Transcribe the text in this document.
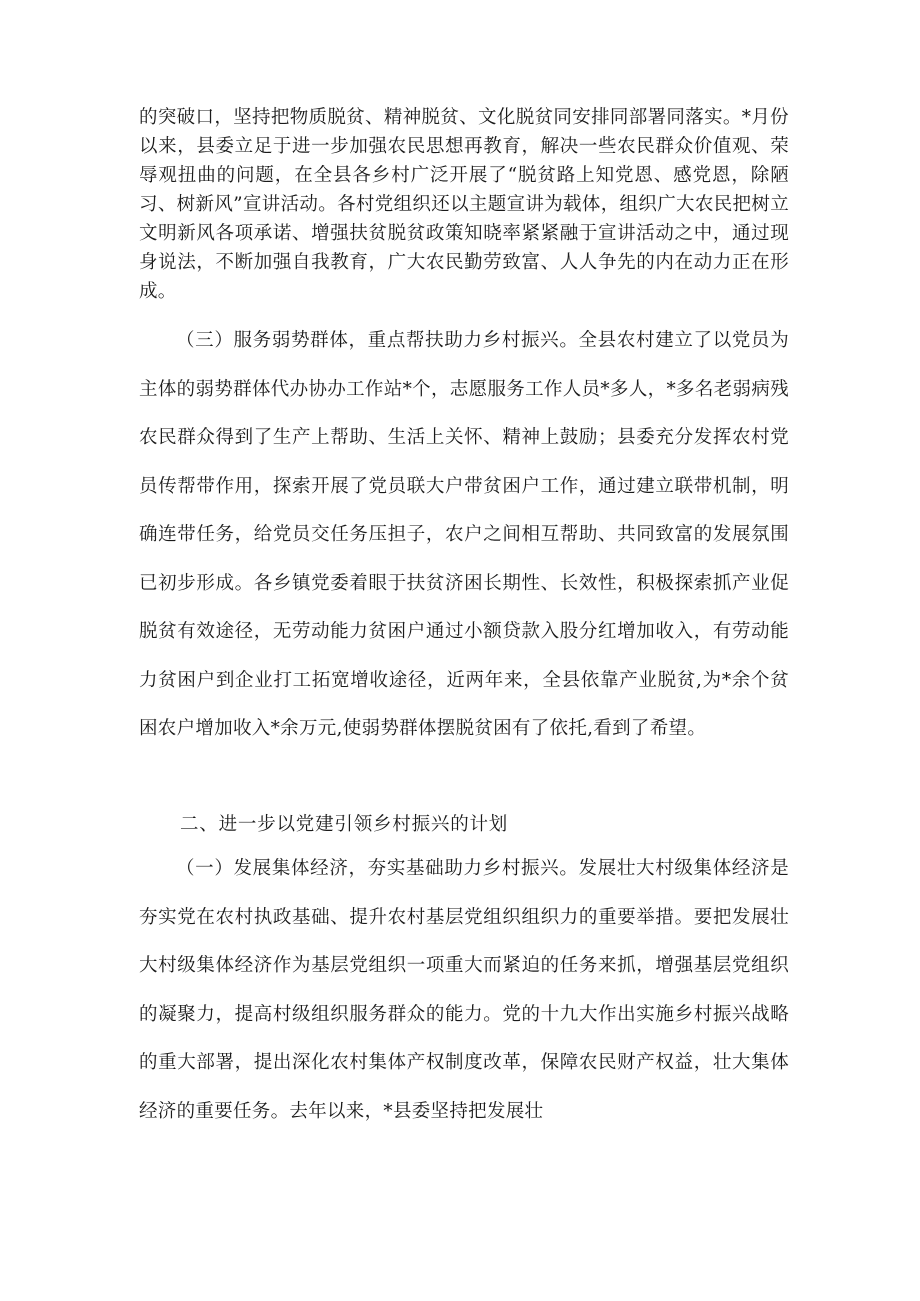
的突破口，坚持把物质脱贫、精神脱贫、文化脱贫同安排同部署同落实。*月份以来，县委立足于进一步加强农民思想再教育，解决一些农民群众价值观、荣辱观扭曲的问题，在全县各乡村广泛开展了“脱贫路上知党恩、感党恩，除陋习、树新风”宣讲活动。各村党组织还以主题宣讲为载体，组织广大农民把树立文明新风各项承诺、增强扶贫脱贫政策知晓率紧紧融于宣讲活动之中，通过现身说法，不断加强自我教育，广大农民勤劳致富、人人争先的内在动力正在形成。

（三）服务弱势群体，重点帮扶助力乡村振兴。全县农村建立了以党员为主体的弱势群体代办协办工作站*个，志愿服务工作人员*多人，*多名老弱病残农民群众得到了生产上帮助、生活上关怀、精神上鼓励；县委充分发挥农村党员传帮带作用，探索开展了党员联大户带贫困户工作，通过建立联带机制，明确连带任务，给党员交任务压担子，农户之间相互帮助、共同致富的发展氛围已初步形成。各乡镇党委着眼于扶贫济困长期性、长效性，积极探索抓产业促脱贫有效途径，无劳动能力贫困户通过小额贷款入股分红增加收入，有劳动能力贫困户到企业打工拓宽增收途径，近两年来，全县依靠产业脱贫,为*余个贫困农户增加收入*余万元,使弱势群体摆脱贫困有了依托,看到了希望。

二、进一步以党建引领乡村振兴的计划

（一）发展集体经济，夯实基础助力乡村振兴。发展壮大村级集体经济是夯实党在农村执政基础、提升农村基层党组织组织力的重要举措。要把发展壮大村级集体经济作为基层党组织一项重大而紧迫的任务来抓，增强基层党组织的凝聚力，提高村级组织服务群众的能力。党的十九大作出实施乡村振兴战略的重大部署，提出深化农村集体产权制度改革，保障农民财产权益，壮大集体经济的重要任务。去年以来，*县委坚持把发展壮
